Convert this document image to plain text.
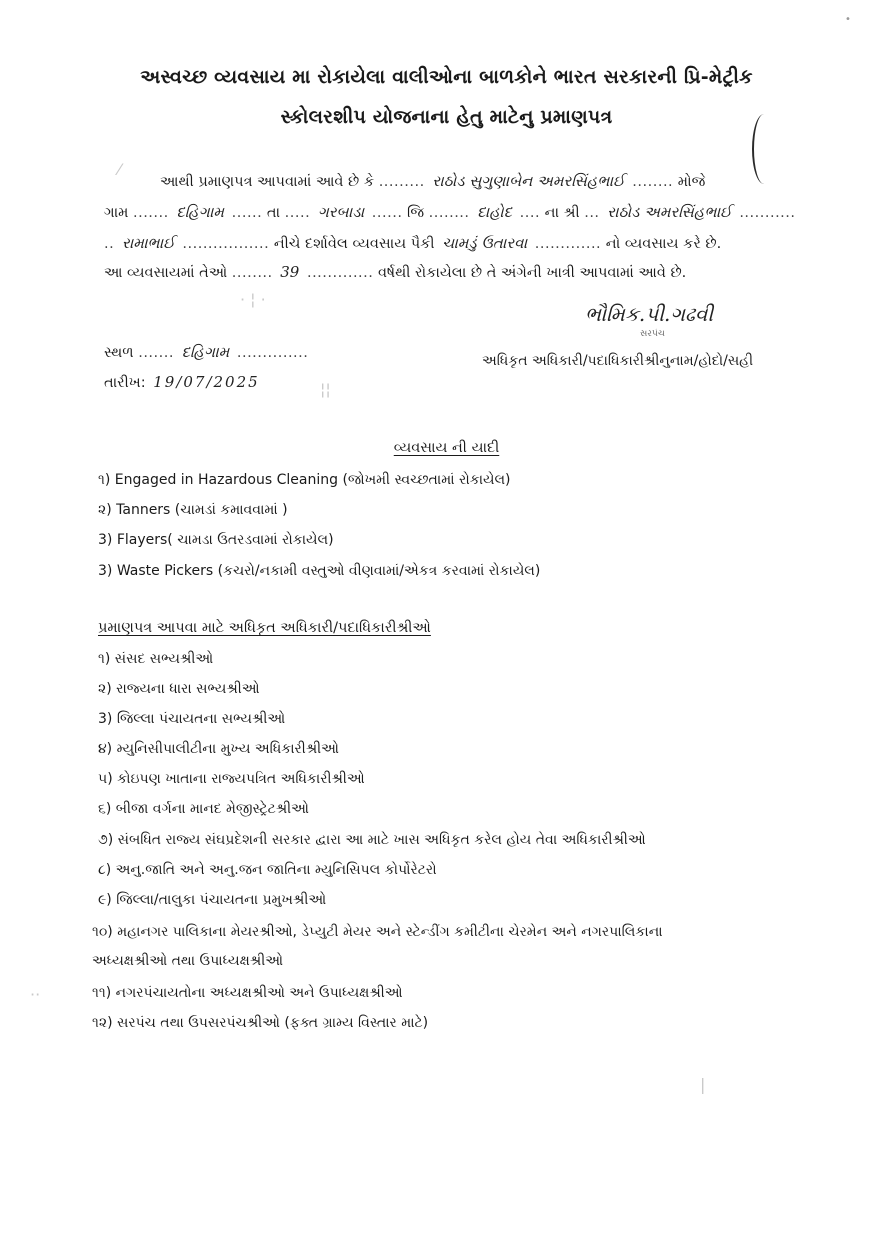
⁄
· ¦ ·
¦¦
•
··
|
અસ્વચ્છ વ્યવસાય મા રોકાયેલા વાલીઓના બાળકોને ભારત સરકારની પ્રિ-મેટ્રીક
સ્કોલરશીપ યોજનાના હેતુ માટેનુ પ્રમાણપત્ર
આથી પ્રમાણપત્ર આપવામાં આવે છે કે ......... રાઠોડ સુગુણાબેન અમરસિંહભાઈ ........ મોજે
ગામ ....... દહિગામ ...... તા ..... ગરબાડા ...... જિ ........ દાહોદ .... ના શ્રી ... રાઠોડ અમરસિંહભાઈ ...........
.. રામાભાઈ ................. નીચે દર્શાવેલ વ્યવસાય પૈકી ચામડું ઉતારવા ............. નો વ્યવસાય કરે છે.
આ વ્યવસાયમાં તેઓ ........ 39 ............. વર્ષથી રોકાયેલા છે તે અંગેની ખાત્રી આપવામાં આવે છે.
ભૌમિક.પી.ગઢવી
સરપંચ
સ્થળ ....... દહિગામ ..............
તારીખ: 19/07/2025
અધિકૃત અધિકારી/પદાધિકારીશ્રીનુનામ/હોદો/સહી
વ્યવસાય ની યાદી
૧) Engaged in Hazardous Cleaning (જોખમી સ્વચ્છતામાં રોકાયેલ)
૨) Tanners (ચામડાં કમાવવામાં )
3) Flayers( ચામડા ઉતરડવામાં રોકાયેલ)
3) Waste Pickers (કચરો/નકામી વસ્તુઓ વીણવામાં/એકત્ર કરવામાં રોકાયેલ)
પ્રમાણપત્ર આપવા માટે અધિકૃત અધિકારી/પદાધિકારીશ્રીઓ
૧) સંસદ સભ્યશ્રીઓ
૨) રાજ્યના ધારા સભ્યશ્રીઓ
3) જિલ્લા પંચાયતના સભ્યશ્રીઓ
૪) મ્યુનિસીપાલીટીના મુખ્ય અધિકારીશ્રીઓ
૫) કોઇપણ ખાતાના રાજ્યપત્રિત અધિકારીશ્રીઓ
૬) બીજા વર્ગના માનદ મેજીસ્ટ્રેટશ્રીઓ
૭) સંબધિત રાજ્ય સંઘપ્રદેશની સરકાર દ્વારા આ માટે ખાસ અધિકૃત કરેલ હોય તેવા અધિકારીશ્રીઓ
૮) અનુ.જાતિ અને અનુ.જન જાતિના મ્યુનિસિપલ કોર્પોરેટરો
૯) જિલ્લા/તાલુકા પંચાયતના પ્રમુખશ્રીઓ
૧૦) મહાનગર પાલિકાના મેયરશ્રીઓ, ડેપ્યુટી મેયર અને સ્ટેન્ડીંગ કમીટીના ચેરમેન અને નગરપાલિકાના
અધ્યક્ષશ્રીઓ તથા ઉપાધ્યક્ષશ્રીઓ
૧૧) નગરપંચાયતોના અધ્યક્ષશ્રીઓ અને ઉપાધ્યક્ષશ્રીઓ
૧૨) સરપંચ તથા ઉપસરપંચશ્રીઓ (ફક્ત ગ્રામ્ય વિસ્તાર માટે)
